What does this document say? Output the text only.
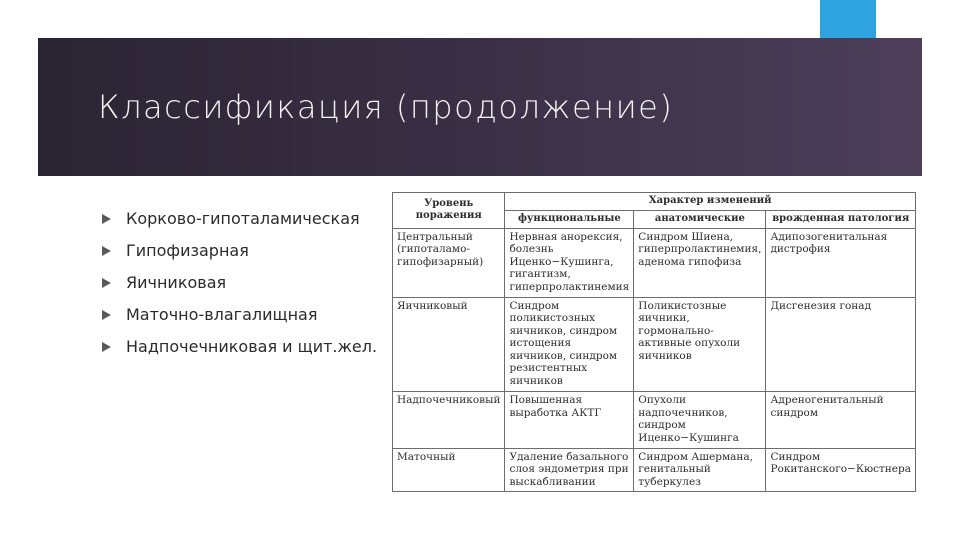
Классификация (продолжение)
Корково-гипоталамическая
Гипофизарная
Яичниковая
Маточно-влагалищная
Надпочечниковая и щит.жел.
Уровень поражения	Характер изменений		
	функциональные	анатомические	врожденная патология
Центральный (гипоталамо-гипофизарный)	Нервная анорексия, болезнь Иценко−Кушинга, гигантизм, гиперпролактинемия	Синдром Шиена, гиперпролактинемия, аденома гипофиза	Адипозогенитальная дистрофия
Яичниковый	Синдром поликистозных яичников, синдром истощения яичников, синдром резистентных яичников	Поликистозные яичники, гормонально-активные опухоли яичников	Дисгенезия гонад
Надпочечниковый	Повышенная выработка АКТГ	Опухоли надпочечников, синдром Иценко−Кушинга	Адреногенитальный синдром
Маточный	Удаление базального слоя эндометрия при выскабливании	Синдром Ашермана, генитальный туберкулез	Синдром Рокитанского−Кюстнера
